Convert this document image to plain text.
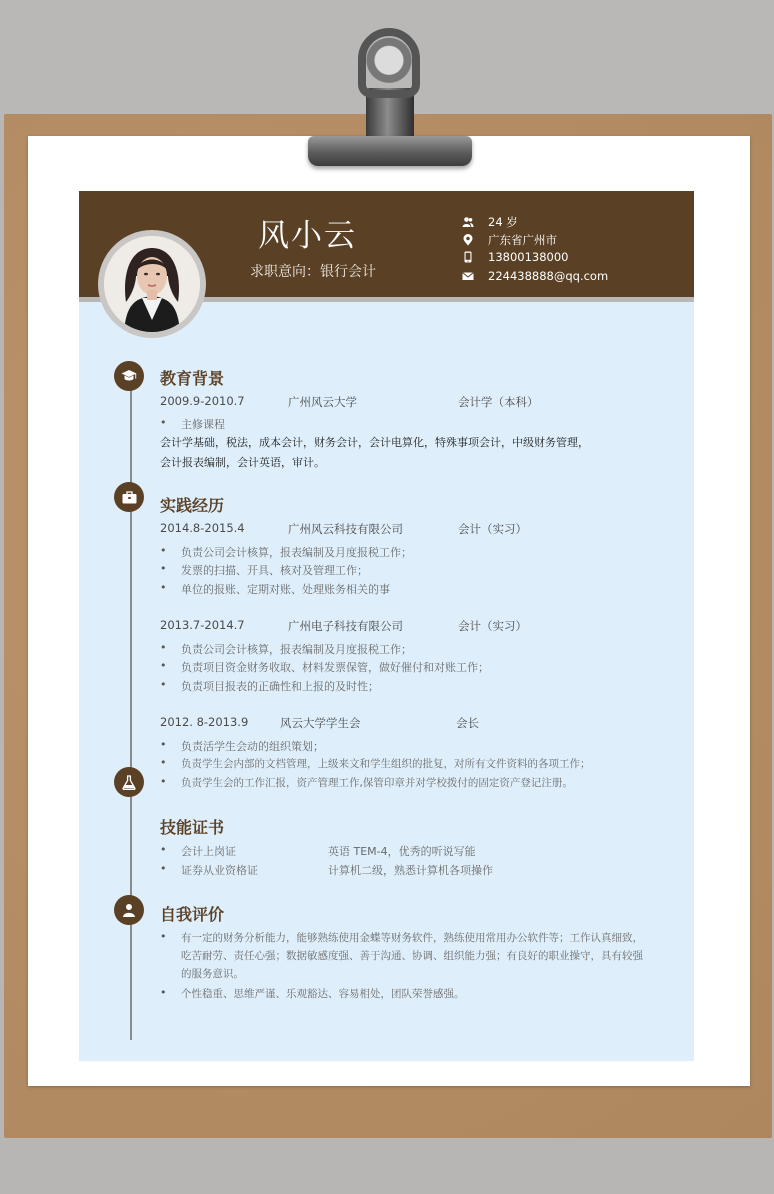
风小云
求职意向：银行会计
24 岁
广东省广州市
13800138000
224438888@qq.com
教育背景
2009.9-2010.7	广州风云大学	会计学（本科）
• 主修课程
会计学基础，税法，成本会计，财务会计，会计电算化，特殊事项会计，中级财务管理，
会计报表编制，会计英语，审计。
实践经历
2014.8-2015.4	广州风云科技有限公司	会计（实习）
• 负责公司会计核算，报表编制及月度报税工作；
• 发票的扫描、开具、核对及管理工作；
• 单位的报账、定期对账、处理账务相关的事
2013.7-2014.7	广州电子科技有限公司	会计（实习）
• 负责公司会计核算，报表编制及月度报税工作；
• 负责项目资金财务收取、材料发票保管，做好催付和对账工作；
• 负责项目报表的正确性和上报的及时性；
2012. 8-2013.9	风云大学学生会	会长
• 负责活学生会动的组织策划；
• 负责学生会内部的文档管理，上级来文和学生组织的批复，对所有文件资料的各项工作；
• 负责学生会的工作汇报，资产管理工作,保管印章并对学校拨付的固定资产登记注册。
技能证书
• 会计上岗证	英语 TEM-4，优秀的听说写能
• 证券从业资格证	计算机二级，熟悉计算机各项操作
自我评价
• 有一定的财务分析能力，能够熟练使用金蝶等财务软件，熟练使用常用办公软件等；工作认真细致，
吃苦耐劳、责任心强；数据敏感度强、善于沟通、协调、组织能力强；有良好的职业操守，具有较强
的服务意识。
• 个性稳重、思维严谨、乐观豁达、容易相处，团队荣誉感强。
